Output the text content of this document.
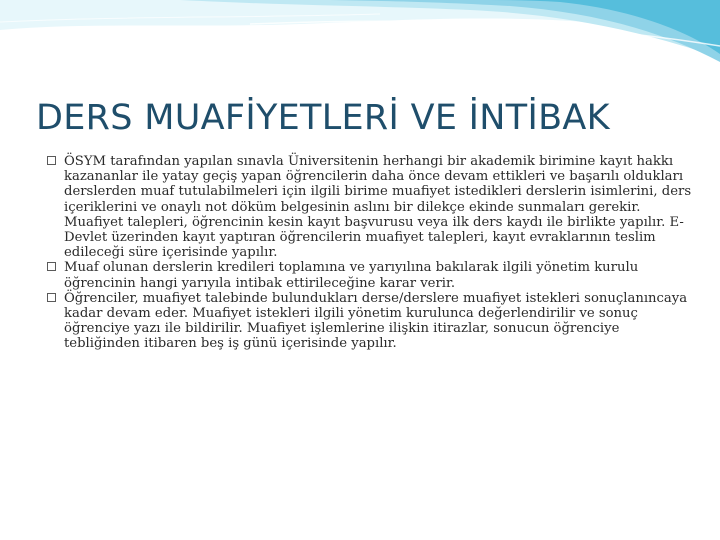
DERS MUAFİYETLERİ VE İNTİBAK

ÖSYM tarafından yapılan sınavla Üniversitenin herhangi bir akademik birimine kayıt hakkı kazananlar ile yatay geçiş yapan öğrencilerin daha önce devam ettikleri ve başarılı oldukları derslerden muaf tutulabilmeleri için ilgili birime muafiyet istedikleri derslerin isimlerini, ders içeriklerini ve onaylı not döküm belgesinin aslını bir dilekçe ekinde sunmaları gerekir. Muafiyet talepleri, öğrencinin kesin kayıt başvurusu veya ilk ders kaydı ile birlikte yapılır. E-Devlet üzerinden kayıt yaptıran öğrencilerin muafiyet talepleri, kayıt evraklarının teslim edileceği süre içerisinde yapılır.

Muaf olunan derslerin kredileri toplamına ve yarıyılına bakılarak ilgili yönetim kurulu öğrencinin hangi yarıyıla intibak ettirileceğine karar verir.

Öğrenciler, muafiyet talebinde bulundukları derse/derslere muafiyet istekleri sonuçlanıncaya kadar devam eder. Muafiyet istekleri ilgili yönetim kurulunca değerlendirilir ve sonuç öğrenciye yazı ile bildirilir. Muafiyet işlemlerine ilişkin itirazlar, sonucun öğrenciye tebliğinden itibaren beş iş günü içerisinde yapılır.
